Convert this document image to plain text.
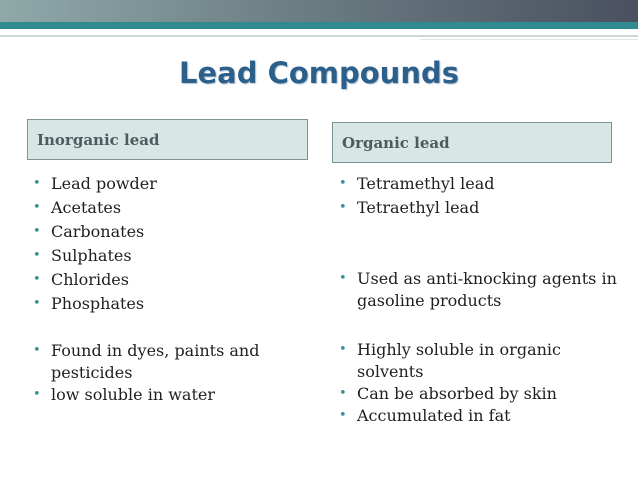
Lead Compounds
Inorganic lead	Organic lead
• Lead powder
• Acetates
• Carbonates
• Sulphates
• Chlorides
• Phosphates
• Found in dyes, paints and pesticides
• low soluble in water
• Tetramethyl lead
• Tetraethyl lead
• Used as anti-knocking agents in gasoline products
• Highly soluble in organic solvents
• Can be absorbed by skin
• Accumulated in fat
